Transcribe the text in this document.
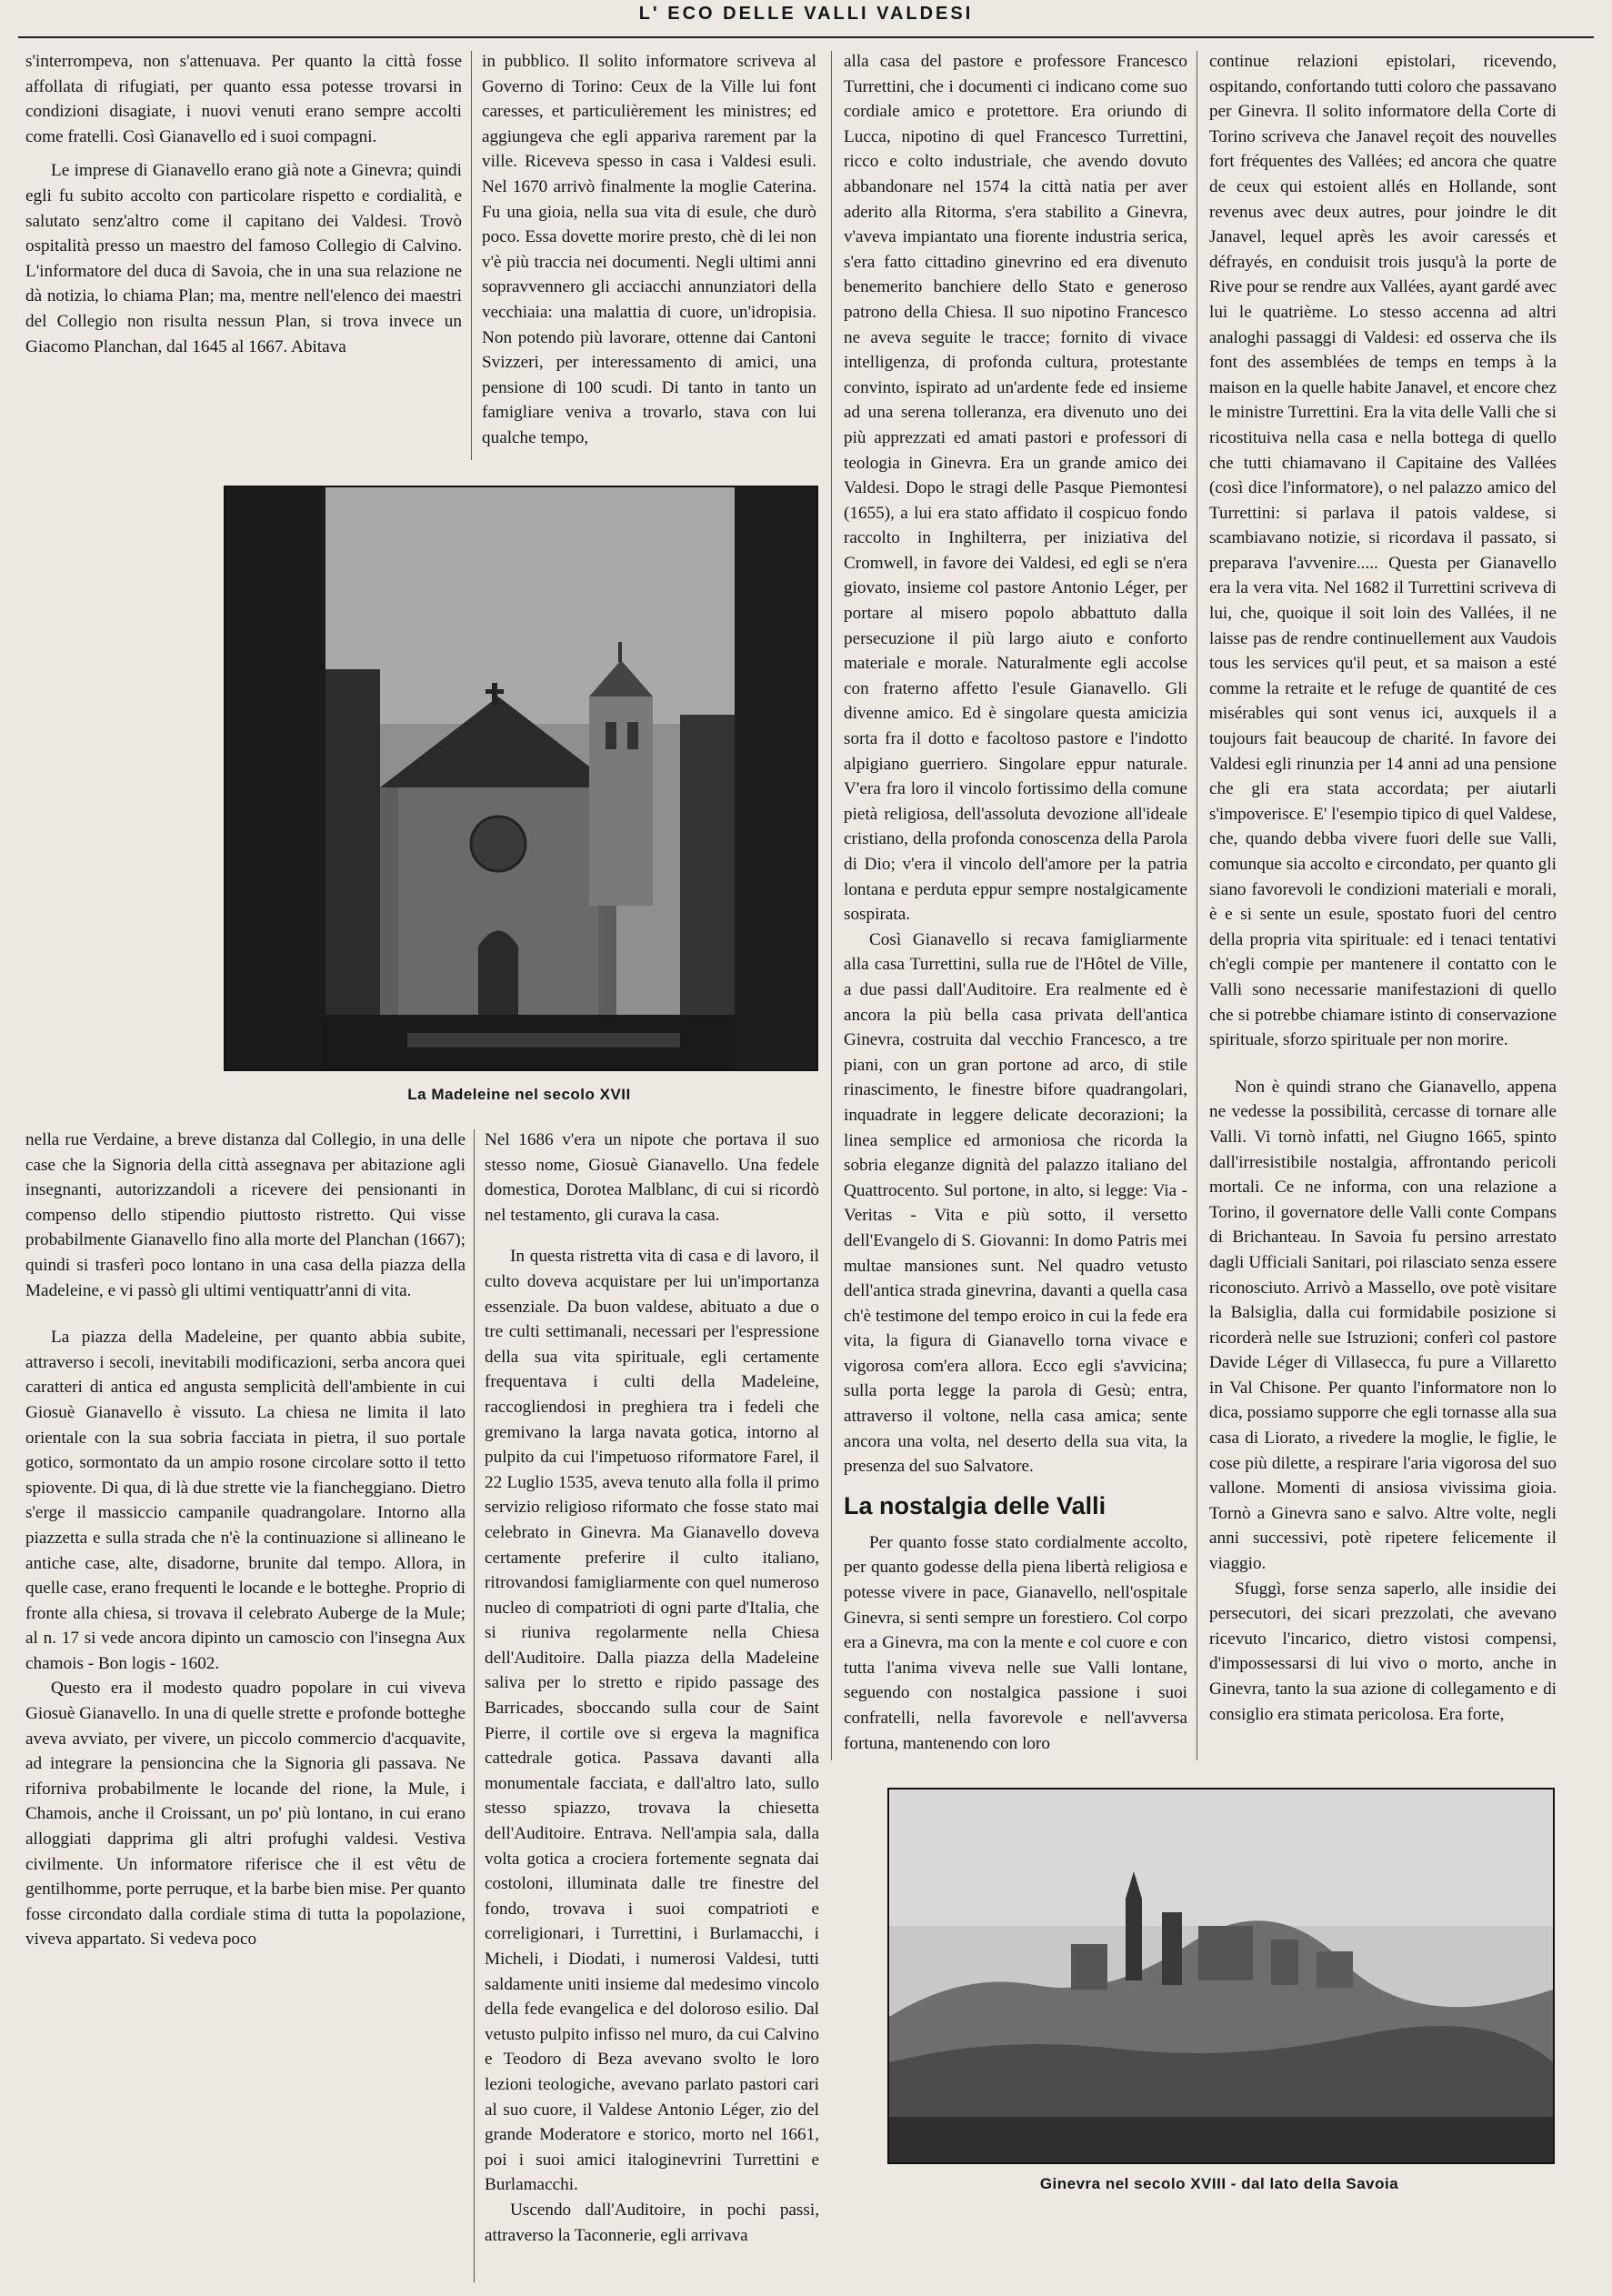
L' ECO DELLE VALLI VALDESI

s'interrompeva, non s'attenuava. Per quanto la città fosse affollata di rifugiati, per quanto essa potesse trovarsi in condizioni disagiate, i nuovi venuti erano sempre accolti come fratelli. Così Gianavello ed i suoi compagni.

Le imprese di Gianavello erano già note a Ginevra; quindi egli fu subito accolto con particolare rispetto e cordialità, e salutato senz'altro come il capitano dei Valdesi. Trovò ospitalità presso un maestro del famoso Collegio di Calvino. L'informatore del duca di Savoia, che in una sua relazione ne dà notizia, lo chiama Plan; ma, mentre nell'elenco dei maestri del Collegio non risulta nessun Plan, si trova invece un Giacomo Planchan, dal 1645 al 1667. Abitava

in pubblico. Il solito informatore scriveva al Governo di Torino: Ceux de la Ville lui font caresses, et particulièrement les ministres; ed aggiungeva che egli appariva rarement par la ville. Riceveva spesso in casa i Valdesi esuli. Nel 1670 arrivò finalmente la moglie Caterina. Fu una gioia, nella sua vita di esule, che durò poco. Essa dovette morire presto, chè di lei non v'è più traccia nei documenti. Negli ultimi anni sopravvennero gli acciacchi annunziatori della vecchiaia: una malattia di cuore, un'idropisia. Non potendo più lavorare, ottenne dai Cantoni Svizzeri, per interessamento di amici, una pensione di 100 scudi. Di tanto in tanto un famigliare veniva a trovarlo, stava con lui qualche tempo,

La Madeleine nel secolo XVII

nella rue Verdaine, a breve distanza dal Collegio, in una delle case che la Signoria della città assegnava per abitazione agli insegnanti, autorizzandoli a ricevere dei pensionanti in compenso dello stipendio piuttosto ristretto. Qui visse probabilmente Gianavello fino alla morte del Planchan (1667); quindi si trasferì poco lontano in una casa della piazza della Madeleine, e vi passò gli ultimi ventiquattr'anni di vita.

La piazza della Madeleine, per quanto abbia subite, attraverso i secoli, inevitabili modificazioni, serba ancora quei caratteri di antica ed angusta semplicità dell'ambiente in cui Giosuè Gianavello è vissuto. La chiesa ne limita il lato orientale con la sua sobria facciata in pietra, il suo portale gotico, sormontato da un ampio rosone circolare sotto il tetto spiovente. Di qua, di là due strette vie la fiancheggiano. Dietro s'erge il massiccio campanile quadrangolare. Intorno alla piazzetta e sulla strada che n'è la continuazione si allineano le antiche case, alte, disadorne, brunite dal tempo. Allora, in quelle case, erano frequenti le locande e le botteghe. Proprio di fronte alla chiesa, si trovava il celebrato Auberge de la Mule; al n. 17 si vede ancora dipinto un camoscio con l'insegna Aux chamois - Bon logis - 1602.

Questo era il modesto quadro popolare in cui viveva Giosuè Gianavello. In una di quelle strette e profonde botteghe aveva avviato, per vivere, un piccolo commercio d'acquavite, ad integrare la pensioncina che la Signoria gli passava. Ne riforniva probabilmente le locande del rione, la Mule, i Chamois, anche il Croissant, un po' più lontano, in cui erano alloggiati dapprima gli altri profughi valdesi. Vestiva civilmente. Un informatore riferisce che il est vêtu de gentilhomme, porte perruque, et la barbe bien mise. Per quanto fosse circondato dalla cordiale stima di tutta la popolazione, viveva appartato. Si vedeva poco

Nel 1686 v'era un nipote che portava il suo stesso nome, Giosuè Gianavello. Una fedele domestica, Dorotea Malblanc, di cui si ricordò nel testamento, gli curava la casa.

In questa ristretta vita di casa e di lavoro, il culto doveva acquistare per lui un'importanza essenziale. Da buon valdese, abituato a due o tre culti settimanali, necessari per l'espressione della sua vita spirituale, egli certamente frequentava i culti della Madeleine, raccogliendosi in preghiera tra i fedeli che gremivano la larga navata gotica, intorno al pulpito da cui l'impetuoso riformatore Farel, il 22 Luglio 1535, aveva tenuto alla folla il primo servizio religioso riformato che fosse stato mai celebrato in Ginevra. Ma Gianavello doveva certamente preferire il culto italiano, ritrovandosi famigliarmente con quel numeroso nucleo di compatrioti di ogni parte d'Italia, che si riuniva regolarmente nella Chiesa dell'Auditoire. Dalla piazza della Madeleine saliva per lo stretto e ripido passage des Barricades, sboccando sulla cour de Saint Pierre, il cortile ove si ergeva la magnifica cattedrale gotica. Passava davanti alla monumentale facciata, e dall'altro lato, sullo stesso spiazzo, trovava la chiesetta dell'Auditoire. Entrava. Nell'ampia sala, dalla volta gotica a crociera fortemente segnata dai costoloni, illuminata dalle tre finestre del fondo, trovava i suoi compatrioti e correligionari, i Turrettini, i Burlamacchi, i Micheli, i Diodati, i numerosi Valdesi, tutti saldamente uniti insieme dal medesimo vincolo della fede evangelica e del doloroso esilio. Dal vetusto pulpito infisso nel muro, da cui Calvino e Teodoro di Beza avevano svolto le loro lezioni teologiche, avevano parlato pastori cari al suo cuore, il Valdese Antonio Léger, zio del grande Moderatore e storico, morto nel 1661, poi i suoi amici italoginevrini Turrettini e Burlamacchi.

Uscendo dall'Auditoire, in pochi passi, attraverso la Taconnerie, egli arrivava

alla casa del pastore e professore Francesco Turrettini, che i documenti ci indicano come suo cordiale amico e protettore. Era oriundo di Lucca, nipotino di quel Francesco Turrettini, ricco e colto industriale, che avendo dovuto abbandonare nel 1574 la città natia per aver aderito alla Ritorma, s'era stabilito a Ginevra, v'aveva impiantato una fiorente industria serica, s'era fatto cittadino ginevrino ed era divenuto benemerito banchiere dello Stato e generoso patrono della Chiesa. Il suo nipotino Francesco ne aveva seguite le tracce; fornito di vivace intelligenza, di profonda cultura, protestante convinto, ispirato ad un'ardente fede ed insieme ad una serena tolleranza, era divenuto uno dei più apprezzati ed amati pastori e professori di teologia in Ginevra. Era un grande amico dei Valdesi. Dopo le stragi delle Pasque Piemontesi (1655), a lui era stato affidato il cospicuo fondo raccolto in Inghilterra, per iniziativa del Cromwell, in favore dei Valdesi, ed egli se n'era giovato, insieme col pastore Antonio Léger, per portare al misero popolo abbattuto dalla persecuzione il più largo aiuto e conforto materiale e morale. Naturalmente egli accolse con fraterno affetto l'esule Gianavello. Gli divenne amico. Ed è singolare questa amicizia sorta fra il dotto e facoltoso pastore e l'indotto alpigiano guerriero. Singolare eppur naturale. V'era fra loro il vincolo fortissimo della comune pietà religiosa, dell'assoluta devozione all'ideale cristiano, della profonda conoscenza della Parola di Dio; v'era il vincolo dell'amore per la patria lontana e perduta eppur sempre nostalgicamente sospirata.

Così Gianavello si recava famigliarmente alla casa Turrettini, sulla rue de l'Hôtel de Ville, a due passi dall'Auditoire. Era realmente ed è ancora la più bella casa privata dell'antica Ginevra, costruita dal vecchio Francesco, a tre piani, con un gran portone ad arco, di stile rinascimento, le finestre bifore quadrangolari, inquadrate in leggere delicate decorazioni; la linea semplice ed armoniosa che ricorda la sobria eleganze dignità del palazzo italiano del Quattrocento. Sul portone, in alto, si legge: Via - Veritas - Vita e più sotto, il versetto dell'Evangelo di S. Giovanni: In domo Patris mei multae mansiones sunt. Nel quadro vetusto dell'antica strada ginevrina, davanti a quella casa ch'è testimone del tempo eroico in cui la fede era vita, la figura di Gianavello torna vivace e vigorosa com'era allora. Ecco egli s'avvicina; sulla porta legge la parola di Gesù; entra, attraverso il voltone, nella casa amica; sente ancora una volta, nel deserto della sua vita, la presenza del suo Salvatore.

La nostalgia delle Valli

Per quanto fosse stato cordialmente accolto, per quanto godesse della piena libertà religiosa e potesse vivere in pace, Gianavello, nell'ospitale Ginevra, si senti sempre un forestiero. Col corpo era a Ginevra, ma con la mente e col cuore e con tutta l'anima viveva nelle sue Valli lontane, seguendo con nostalgica passione i suoi confratelli, nella favorevole e nell'avversa fortuna, mantenendo con loro

continue relazioni epistolari, ricevendo, ospitando, confortando tutti coloro che passavano per Ginevra. Il solito informatore della Corte di Torino scriveva che Janavel reçoit des nouvelles fort fréquentes des Vallées; ed ancora che quatre de ceux qui estoient allés en Hollande, sont revenus avec deux autres, pour joindre le dit Janavel, lequel après les avoir caressés et défrayés, en conduisit trois jusqu'à la porte de Rive pour se rendre aux Vallées, ayant gardé avec lui le quatrième. Lo stesso accenna ad altri analoghi passaggi di Valdesi: ed osserva che ils font des assemblées de temps en temps à la maison en la quelle habite Janavel, et encore chez le ministre Turrettini. Era la vita delle Valli che si ricostituiva nella casa e nella bottega di quello che tutti chiamavano il Capitaine des Vallées (così dice l'informatore), o nel palazzo amico del Turrettini: si parlava il patois valdese, si scambiavano notizie, si ricordava il passato, si preparava l'avvenire..... Questa per Gianavello era la vera vita. Nel 1682 il Turrettini scriveva di lui, che, quoique il soit loin des Vallées, il ne laisse pas de rendre continuellement aux Vaudois tous les services qu'il peut, et sa maison a esté comme la retraite et le refuge de quantité de ces misérables qui sont venus ici, auxquels il a toujours fait beaucoup de charité. In favore dei Valdesi egli rinunzia per 14 anni ad una pensione che gli era stata accordata; per aiutarli s'impoverisce. E' l'esempio tipico di quel Valdese, che, quando debba vivere fuori delle sue Valli, comunque sia accolto e circondato, per quanto gli siano favorevoli le condizioni materiali e morali, è e si sente un esule, spostato fuori del centro della propria vita spirituale: ed i tenaci tentativi ch'egli compie per mantenere il contatto con le Valli sono necessarie manifestazioni di quello che si potrebbe chiamare istinto di conservazione spirituale, sforzo spirituale per non morire.

Non è quindi strano che Gianavello, appena ne vedesse la possibilità, cercasse di tornare alle Valli. Vi tornò infatti, nel Giugno 1665, spinto dall'irresistibile nostalgia, affrontando pericoli mortali. Ce ne informa, con una relazione a Torino, il governatore delle Valli conte Compans di Brichanteau. In Savoia fu persino arrestato dagli Ufficiali Sanitari, poi rilasciato senza essere riconosciuto. Arrivò a Massello, ove potè visitare la Balsiglia, dalla cui formidabile posizione si ricorderà nelle sue Istruzioni; conferì col pastore Davide Léger di Villasecca, fu pure a Villaretto in Val Chisone. Per quanto l'informatore non lo dica, possiamo supporre che egli tornasse alla sua casa di Liorato, a rivedere la moglie, le figlie, le cose più dilette, a respirare l'aria vigorosa del suo vallone. Momenti di ansiosa vivissima gioia. Tornò a Ginevra sano e salvo. Altre volte, negli anni successivi, potè ripetere felicemente il viaggio.

Sfuggì, forse senza saperlo, alle insidie dei persecutori, dei sicari prezzolati, che avevano ricevuto l'incarico, dietro vistosi compensi, d'impossessarsi di lui vivo o morto, anche in Ginevra, tanto la sua azione di collegamento e di consiglio era stimata pericolosa. Era forte,

Ginevra nel secolo XVIII - dal lato della Savoia
